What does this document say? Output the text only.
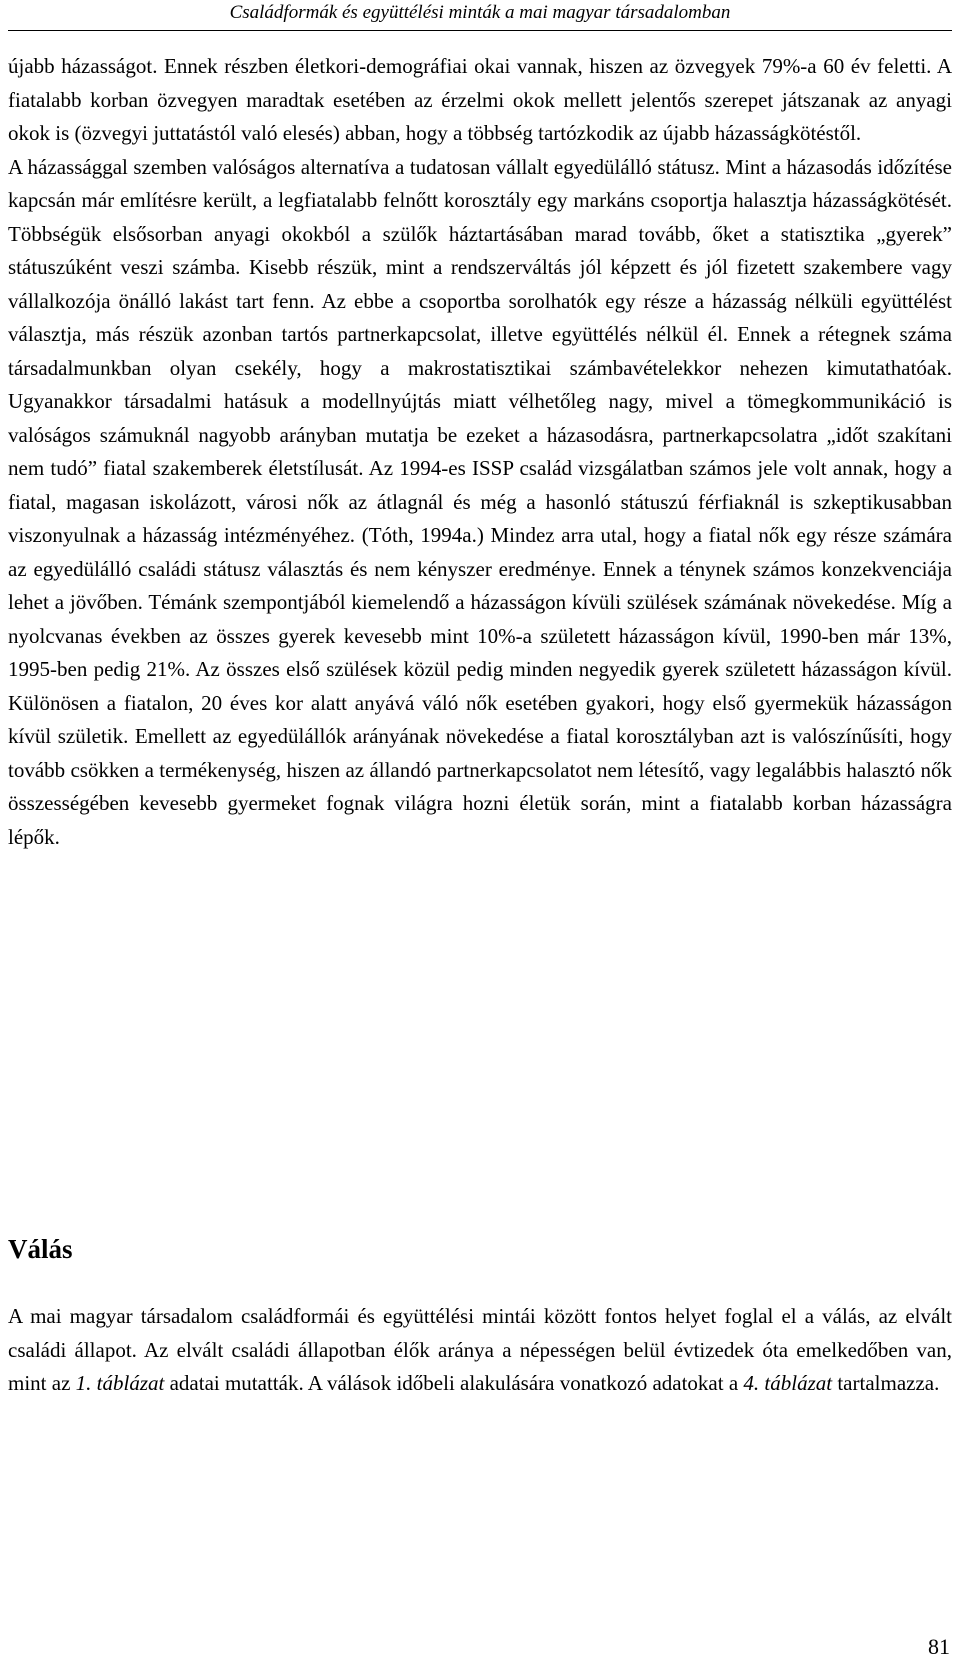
Családformák és együttélési minták a mai magyar társadalomban
újabb házasságot. Ennek részben életkori-demográfiai okai vannak, hiszen az özvegyek 79%-a 60 év feletti. A fiatalabb korban özvegyen maradtak esetében az érzelmi okok mellett jelentős szerepet játszanak az anyagi okok is (özvegyi juttatástól való elesés) abban, hogy a többség tartózkodik az újabb házasságkötéstől.
A házassággal szemben valóságos alternatíva a tudatosan vállalt egyedülálló státusz. Mint a házasodás időzítése kapcsán már említésre került, a legfiatalabb felnőtt korosztály egy markáns csoportja halasztja házasságkötését. Többségük elsősorban anyagi okokból a szülők háztartásában marad tovább, őket a statisztika „gyerek” státuszúként veszi számba. Kisebb részük, mint a rendszerváltás jól képzett és jól fizetett szakembere vagy vállalkozója önálló lakást tart fenn. Az ebbe a csoportba sorolhatók egy része a házasság nélküli együttélést választja, más részük azonban tartós partnerkapcsolat, illetve együttélés nélkül él. Ennek a rétegnek száma társadalmunkban olyan csekély, hogy a makrostatisztikai számbavételekkor nehezen kimutathatóak. Ugyanakkor társadalmi hatásuk a modellnyújtás miatt vélhetőleg nagy, mivel a tömegkommunikáció is valóságos számuknál nagyobb arányban mutatja be ezeket a házasodásra, partnerkapcsolatra „időt szakítani nem tudó” fiatal szakemberek életstílusát. Az 1994-es ISSP család vizsgálatban számos jele volt annak, hogy a fiatal, magasan iskolázott, városi nők az átlagnál és még a hasonló státuszú férfiaknál is szkeptikusabban viszonyulnak a házasság intézményéhez. (Tóth, 1994a.) Mindez arra utal, hogy a fiatal nők egy része számára az egyedülálló családi státusz választás és nem kényszer eredménye. Ennek a ténynek számos konzekvenciája lehet a jövőben. Témánk szempontjából kiemelendő a házasságon kívüli szülések számának növekedése. Míg a nyolcvanas években az összes gyerek kevesebb mint 10%-a született házasságon kívül, 1990-ben már 13%, 1995-ben pedig 21%. Az összes első szülések közül pedig minden negyedik gyerek született házasságon kívül. Különösen a fiatalon, 20 éves kor alatt anyává váló nők esetében gyakori, hogy első gyermekük házasságon kívül születik. Emellett az egyedülállók arányának növekedése a fiatal korosztályban azt is valószínűsíti, hogy tovább csökken a termékenység, hiszen az állandó partnerkapcsolatot nem létesítő, vagy legalábbis halasztó nők összességében kevesebb gyermeket fognak világra hozni életük során, mint a fiatalabb korban házasságra lépők.
Válás
A mai magyar társadalom családformái és együttélési mintái között fontos helyet foglal el a válás, az elvált családi állapot. Az elvált családi állapotban élők aránya a népességen belül évtizedek óta emelkedőben van, mint az 1. táblázat adatai mutatták. A válások időbeli alakulására vonatkozó adatokat a 4. táblázat tartalmazza.
81
